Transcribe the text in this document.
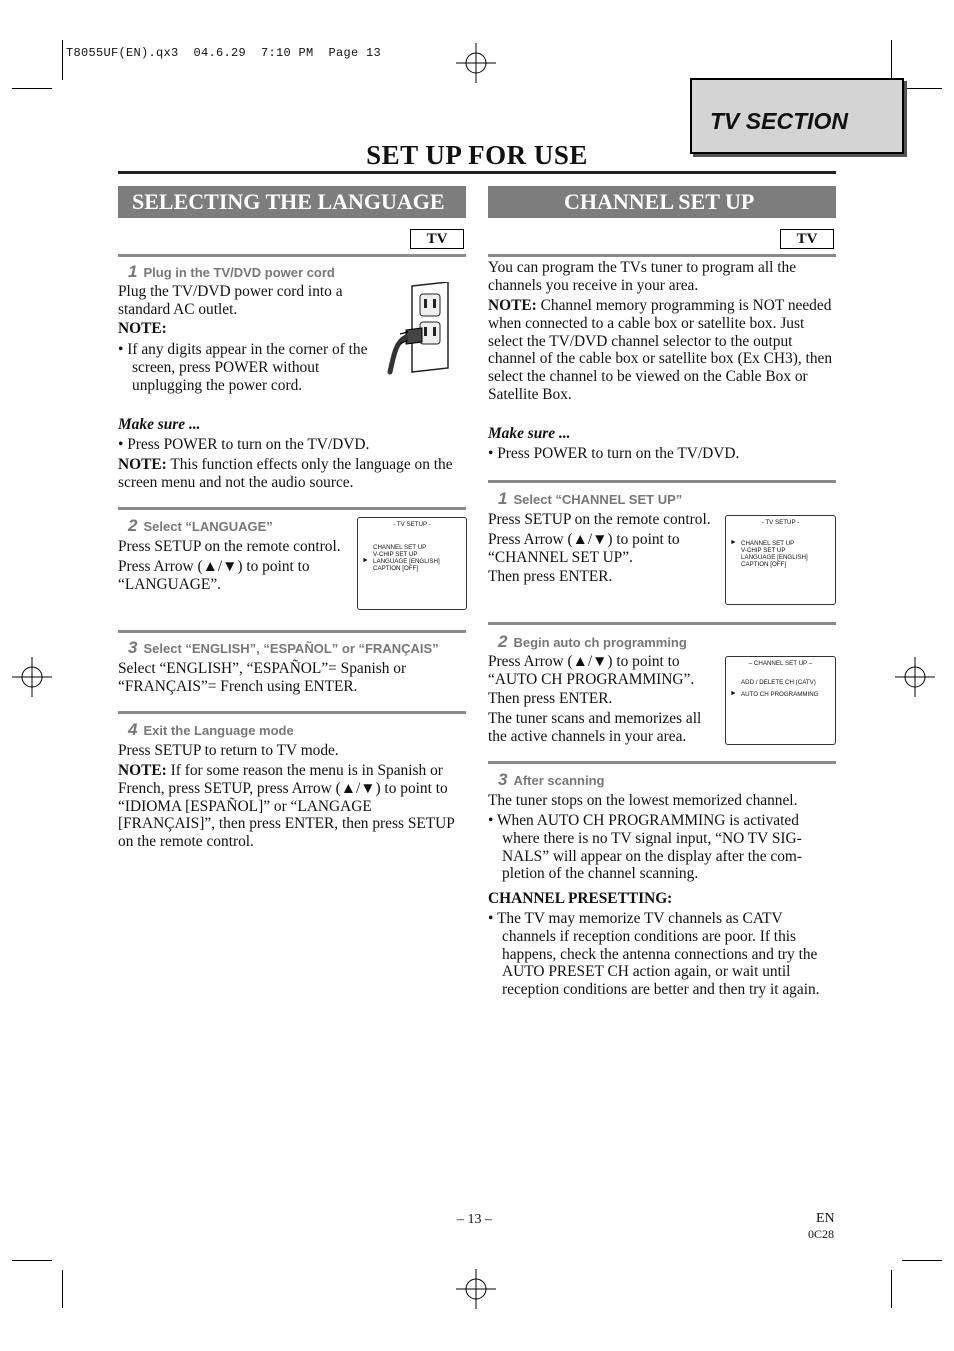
T8055UF(EN).qx3  04.6.29  7:10 PM  Page 13
TV SECTION
SET UP FOR USE
SELECTING THE LANGUAGE
TV
1 Plug in the TV/DVD power cord
Plug the TV/DVD power cord into a standard AC outlet.
NOTE:
• If any digits appear in the corner of the screen, press POWER without unplugging the power cord.
Make sure ...
• Press POWER to turn on the TV/DVD.
NOTE: This function effects only the language on the screen menu and not the audio source.
2 Select “LANGUAGE”
Press SETUP on the remote control.
Press Arrow (▲/▼) to point to “LANGUAGE”.
- TV SETUP -
CHANNEL SET UP
V-CHIP SET UP
► LANGUAGE [ENGLISH]
CAPTION [OFF]
3 Select “ENGLISH”, “ESPAÑOL” or “FRANÇAIS”
Select “ENGLISH”, “ESPAÑOL”= Spanish or “FRANÇAIS”= French using ENTER.
4 Exit the Language mode
Press SETUP to return to TV mode.
NOTE: If for some reason the menu is in Spanish or French, press SETUP, press Arrow (▲/▼) to point to “IDIOMA [ESPAÑOL]” or “LANGAGE [FRANÇAIS]”, then press ENTER, then press SETUP on the remote control.
CHANNEL SET UP
TV
You can program the TVs tuner to program all the channels you receive in your area.
NOTE: Channel memory programming is NOT needed when connected to a cable box or satellite box. Just select the TV/DVD channel selector to the output channel of the cable box or satellite box (Ex CH3), then select the channel to be viewed on the Cable Box or Satellite Box.
Make sure ...
• Press POWER to turn on the TV/DVD.
1 Select “CHANNEL SET UP”
Press SETUP on the remote control.
Press Arrow (▲/▼) to point to “CHANNEL SET UP”.
Then press ENTER.
- TV SETUP -
► CHANNEL SET UP
V-CHIP SET UP
LANGUAGE [ENGLISH]
CAPTION [OFF]
2 Begin auto ch programming
Press Arrow (▲/▼) to point to “AUTO CH PROGRAMMING”.
Then press ENTER.
The tuner scans and memorizes all the active channels in your area.
– CHANNEL SET UP –
ADD / DELETE CH (CATV)
► AUTO CH PROGRAMMING
3 After scanning
The tuner stops on the lowest memorized channel.
• When AUTO CH PROGRAMMING is activated where there is no TV signal input, “NO TV SIG-NALS” will appear on the display after the com-pletion of the channel scanning.
CHANNEL PRESETTING:
• The TV may memorize TV channels as CATV channels if reception conditions are poor. If this happens, check the antenna connections and try the AUTO PRESET CH action again, or wait until reception conditions are better and then try it again.
– 13 –	EN
0C28
